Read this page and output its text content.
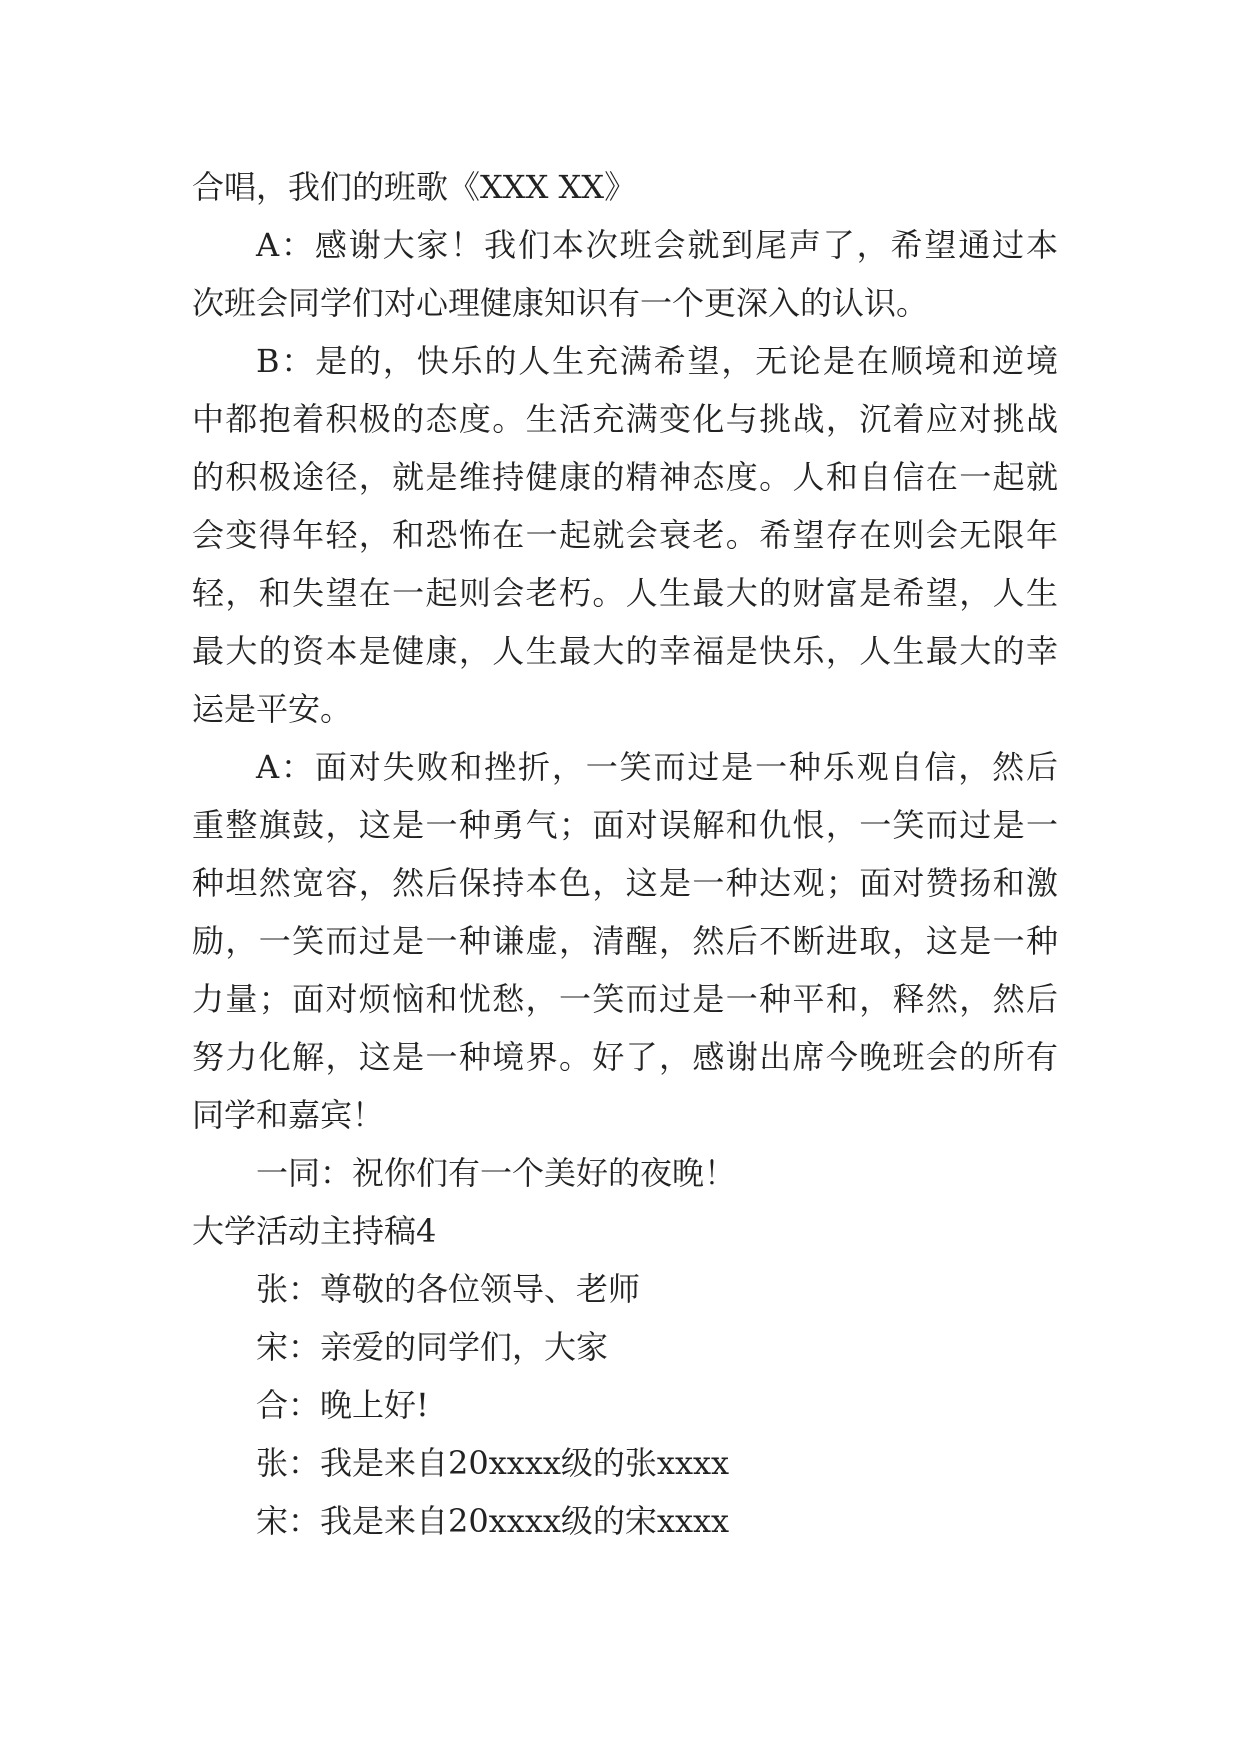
合唱，我们的班歌《XXX XX》
A：感谢大家！我们本次班会就到尾声了，希望通过本
次班会同学们对心理健康知识有一个更深入的认识。
B：是的，快乐的人生充满希望，无论是在顺境和逆境
中都抱着积极的态度。生活充满变化与挑战，沉着应对挑战
的积极途径，就是维持健康的精神态度。人和自信在一起就
会变得年轻，和恐怖在一起就会衰老。希望存在则会无限年
轻，和失望在一起则会老朽。人生最大的财富是希望，人生
最大的资本是健康，人生最大的幸福是快乐，人生最大的幸
运是平安。
A：面对失败和挫折，一笑而过是一种乐观自信，然后
重整旗鼓，这是一种勇气；面对误解和仇恨，一笑而过是一
种坦然宽容，然后保持本色，这是一种达观；面对赞扬和激
励，一笑而过是一种谦虚，清醒，然后不断进取，这是一种
力量；面对烦恼和忧愁，一笑而过是一种平和，释然，然后
努力化解，这是一种境界。好了，感谢出席今晚班会的所有
同学和嘉宾！
一同：祝你们有一个美好的夜晚！
大学活动主持稿4
张：尊敬的各位领导、老师
宋：亲爱的同学们，大家
合：晚上好!
张：我是来自20xxxx级的张xxxx
宋：我是来自20xxxx级的宋xxxx
